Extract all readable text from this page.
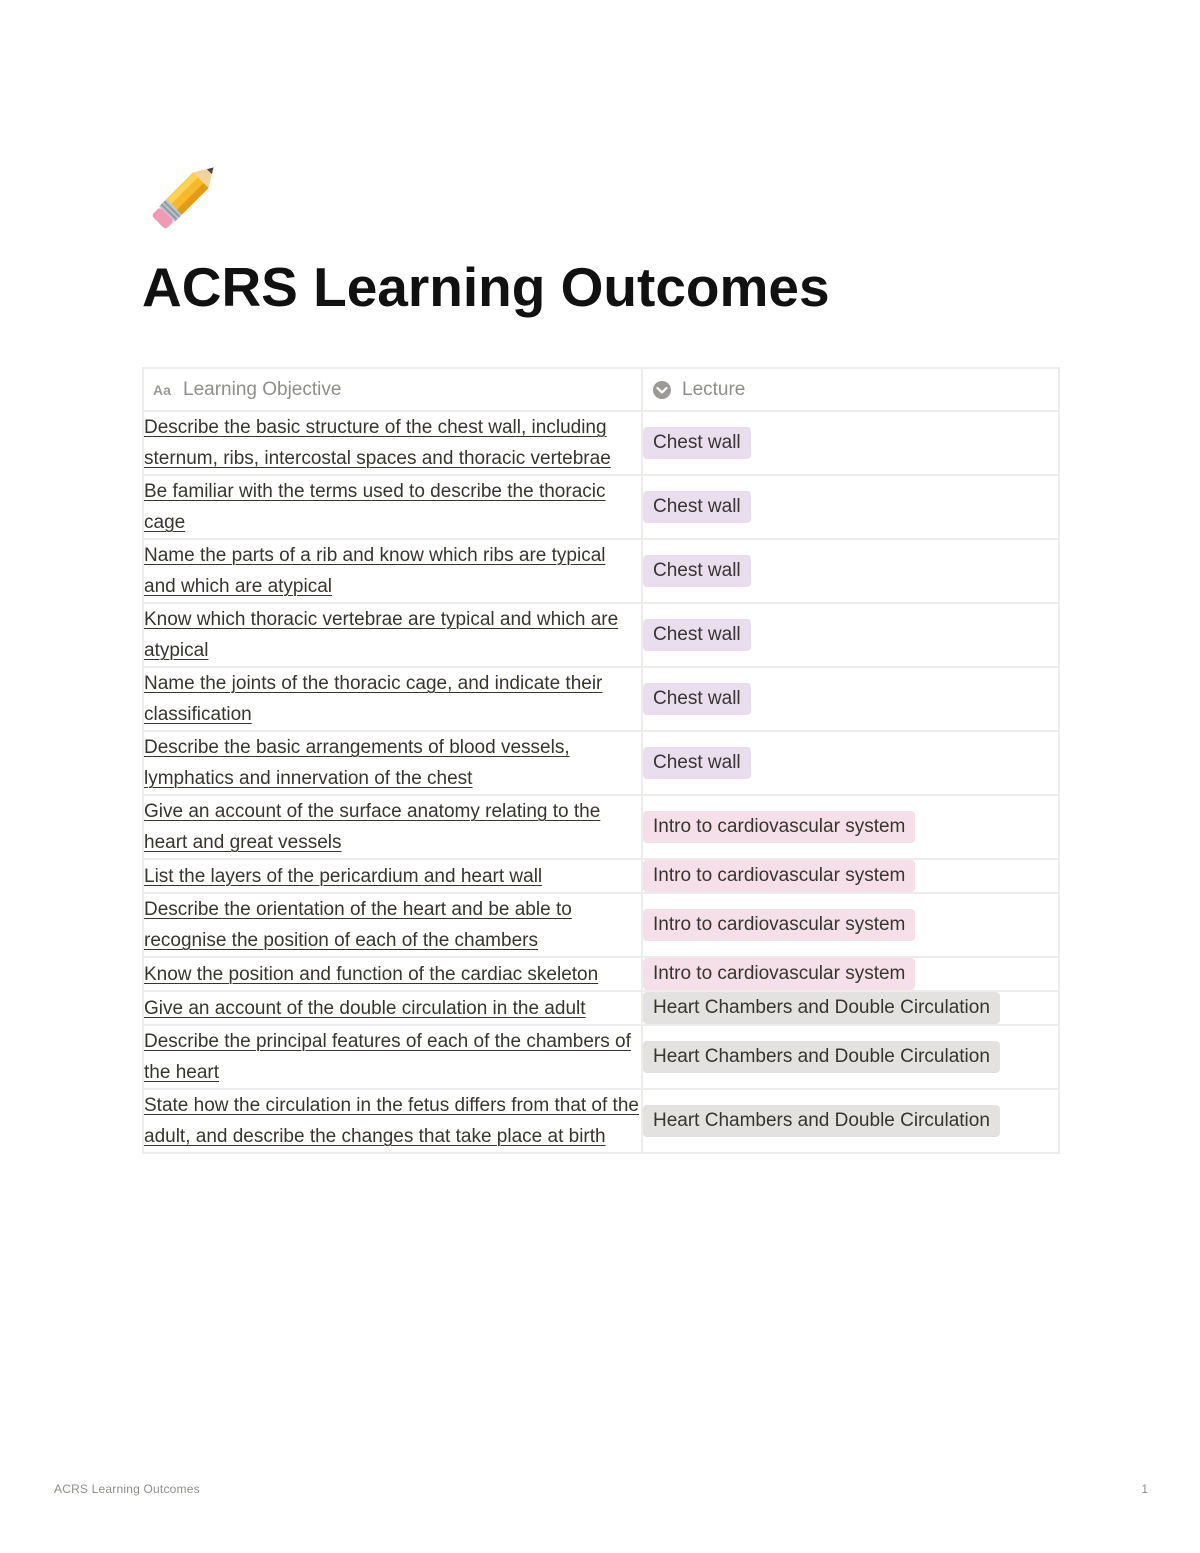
ACRS Learning Outcomes
Aa Learning Objective	Lecture

Describe the basic structure of the chest wall, including sternum, ribs, intercostal spaces and thoracic vertebrae	Chest wall
Be familiar with the terms used to describe the thoracic cage	Chest wall
Name the parts of a rib and know which ribs are typical and which are atypical	Chest wall
Know which thoracic vertebrae are typical and which are atypical	Chest wall
Name the joints of the thoracic cage, and indicate their classification	Chest wall
Describe the basic arrangements of blood vessels, lymphatics and innervation of the chest	Chest wall
Give an account of the surface anatomy relating to the heart and great vessels	Intro to cardiovascular system
List the layers of the pericardium and heart wall	Intro to cardiovascular system
Describe the orientation of the heart and be able to recognise the position of each of the chambers	Intro to cardiovascular system
Know the position and function of the cardiac skeleton	Intro to cardiovascular system
Give an account of the double circulation in the adult	Heart Chambers and Double Circulation
Describe the principal features of each of the chambers of the heart	Heart Chambers and Double Circulation
State how the circulation in the fetus differs from that of the adult, and describe the changes that take place at birth	Heart Chambers and Double Circulation
ACRS Learning Outcomes	1
